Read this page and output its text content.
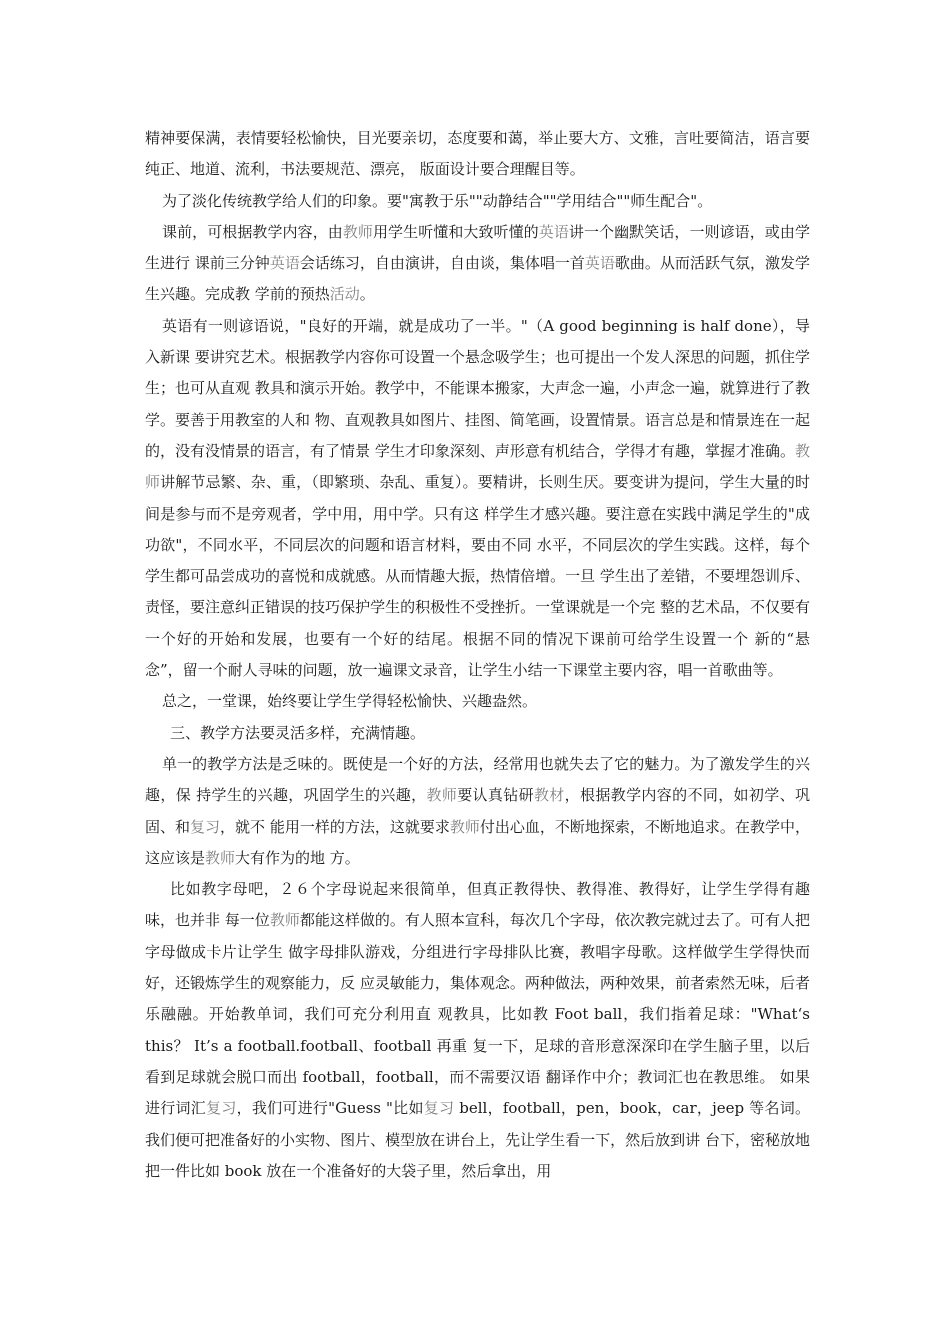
精神要保满，表情要轻松愉快，目光要亲切，态度要和蔼，举止要大方、文雅，言吐要简洁，语言要纯正、地道、流利，书法要规范、漂亮， 版面设计要合理醒目等。

为了淡化传统教学给人们的印象。要"寓教于乐""动静结合""学用结合""师生配合"。

课前，可根据教学内容，由教师用学生听懂和大致听懂的英语讲一个幽默笑话，一则谚语，或由学生进行 课前三分钟英语会话练习，自由演讲，自由谈，集体唱一首英语歌曲。从而活跃气氛，激发学生兴趣。完成教 学前的预热活动。

英语有一则谚语说，"良好的开端，就是成功了一半。"（A good beginning is half done），导入新课 要讲究艺术。根据教学内容你可设置一个悬念吸学生；也可提出一个发人深思的问题，抓住学生；也可从直观 教具和演示开始。教学中，不能课本搬家，大声念一遍，小声念一遍，就算进行了教学。要善于用教室的人和 物、直观教具如图片、挂图、简笔画，设置情景。语言总是和情景连在一起的，没有没情景的语言，有了情景 学生才印象深刻、声形意有机结合，学得才有趣，掌握才准确。教师讲解节忌繁、杂、重，（即繁琐、杂乱、重复）。要精讲，长则生厌。要变讲为提问，学生大量的时间是参与而不是旁观者，学中用，用中学。只有这 样学生才感兴趣。要注意在实践中满足学生的"成功欲"，不同水平，不同层次的问题和语言材料，要由不同 水平，不同层次的学生实践。这样，每个学生都可品尝成功的喜悦和成就感。从而情趣大振，热情倍增。一旦 学生出了差错，不要埋怨训斥、责怪，要注意纠正错误的技巧保护学生的积极性不受挫折。一堂课就是一个完 整的艺术品，不仅要有一个好的开始和发展，也要有一个好的结尾。根据不同的情况下课前可给学生设置一个 新的“悬念”，留一个耐人寻味的问题，放一遍课文录音，让学生小结一下课堂主要内容，唱一首歌曲等。

总之，一堂课，始终要让学生学得轻松愉快、兴趣盎然。

三、教学方法要灵活多样，充满情趣。

单一的教学方法是乏味的。既使是一个好的方法，经常用也就失去了它的魅力。为了激发学生的兴趣，保 持学生的兴趣，巩固学生的兴趣，教师要认真钻研教材，根据教学内容的不同，如初学、巩固、和复习，就不 能用一样的方法，这就要求教师付出心血，不断地探索，不断地追求。在教学中，这应该是教师大有作为的地 方。

比如教字母吧，２６个字母说起来很简单，但真正教得快、教得准、教得好，让学生学得有趣味，也并非 每一位教师都能这样做的。有人照本宣科，每次几个字母，依次教完就过去了。可有人把字母做成卡片让学生 做字母排队游戏，分组进行字母排队比赛，教唱字母歌。这样做学生学得快而好，还锻炼学生的观察能力，反 应灵敏能力，集体观念。两种做法，两种效果，前者索然无味，后者乐融融。开始教单词，我们可充分利用直 观教具，比如教 Foot ball，我们指着足球："What‘s this？ It’s a football.football、football 再重 复一下，足球的音形意深深印在学生脑子里，以后看到足球就会脱口而出 football，football，而不需要汉语 翻译作中介；教词汇也在教思维。 如果进行词汇复习，我们可进行"Guess "比如复习 bell，football，pen，book，car，jeep 等名词。我们便可把准备好的小实物、图片、模型放在讲台上，先让学生看一下，然后放到讲 台下，密秘放地把一件比如 book 放在一个准备好的大袋子里，然后拿出，用
